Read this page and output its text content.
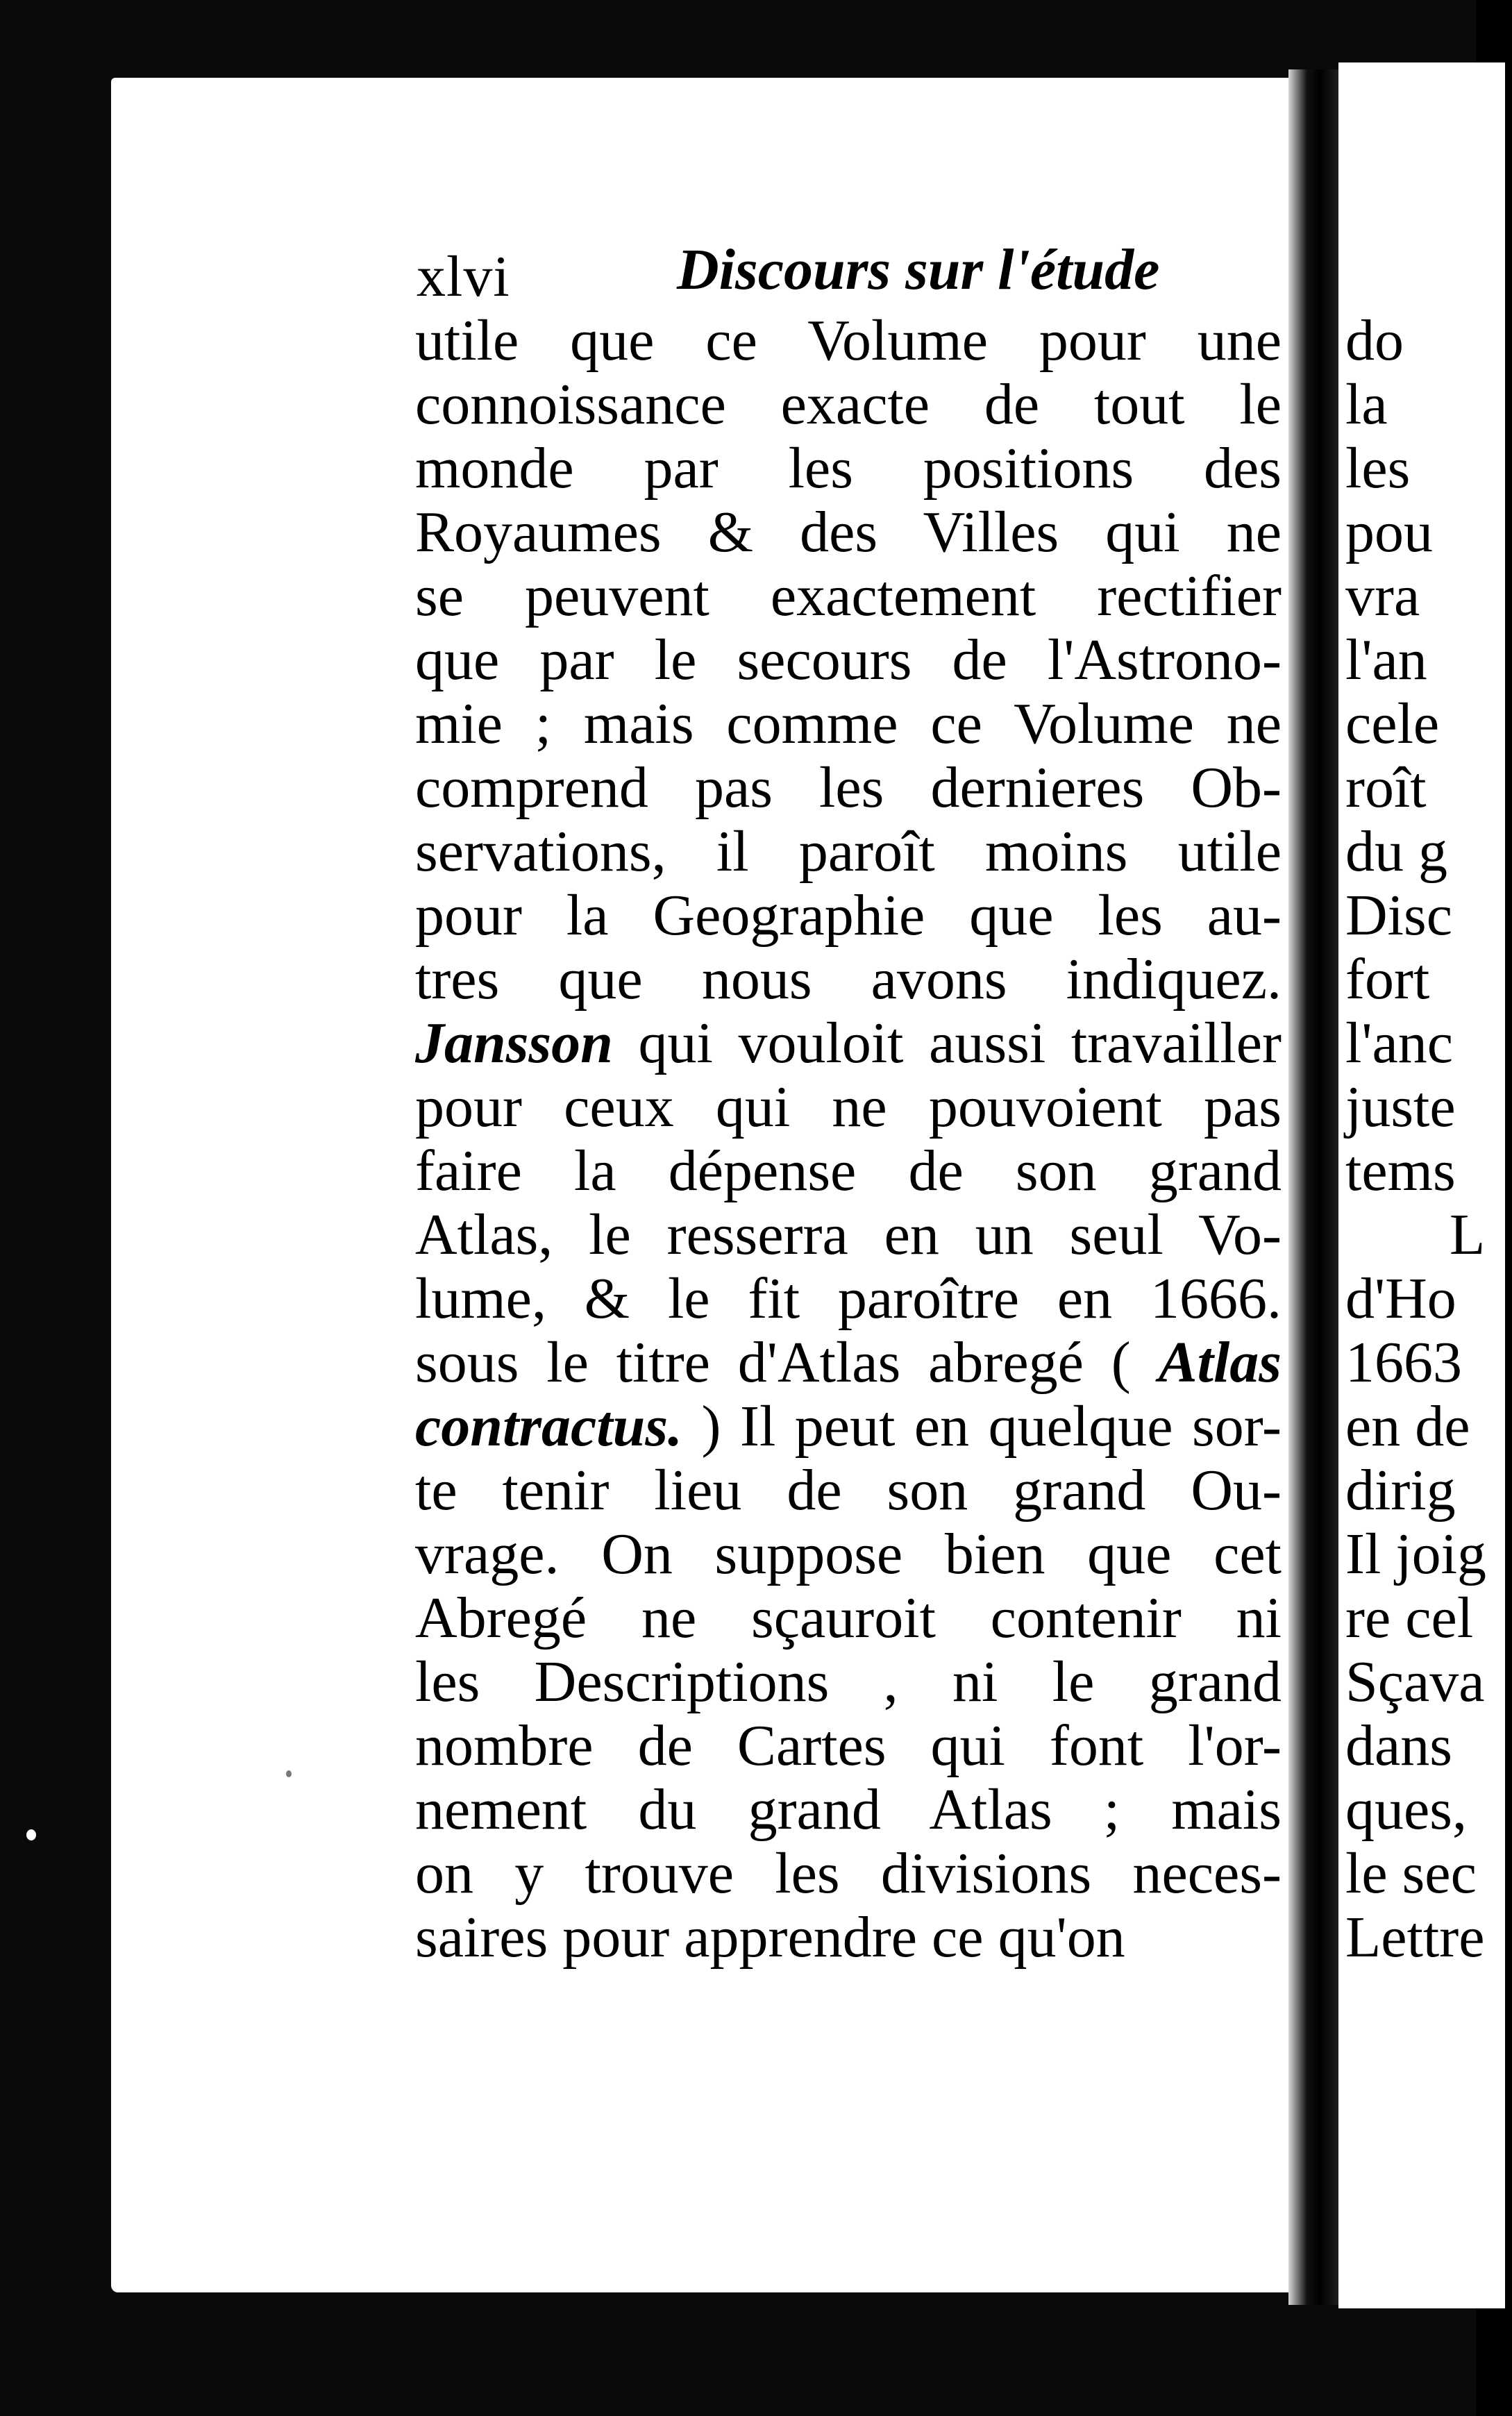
xlvi	Discours sur l'étude
utile que ce Volume pour une
connoissance exacte de tout le
monde par les positions des
Royaumes & des Villes qui ne
se peuvent exactement rectifier
que par le secours de l'Astrono-
mie ; mais comme ce Volume ne
comprend pas les dernieres Ob-
servations, il paroît moins utile
pour la Geographie que les au-
tres que nous avons indiquez.
Jansson qui vouloit aussi travailler
pour ceux qui ne pouvoient pas
faire la dépense de son grand
Atlas, le resserra en un seul Vo-
lume, & le fit paroître en 1666.
sous le titre d'Atlas abregé ( Atlas
contractus. ) Il peut en quelque sor-
te tenir lieu de son grand Ou-
vrage. On suppose bien que cet
Abregé ne sçauroit contenir ni
les Descriptions , ni le grand
nombre de Cartes qui font l'or-
nement du grand Atlas ; mais
on y trouve les divisions neces-
saires pour apprendre ce qu'on
do
la
les
pou
vra
l'an
cele
roît
du g
Disc
fort
l'anc
juste
tems
L
d'Ho
1663
en de
dirig
Il joig
re cel
Sçava
dans
ques,
le sec
Lettre
